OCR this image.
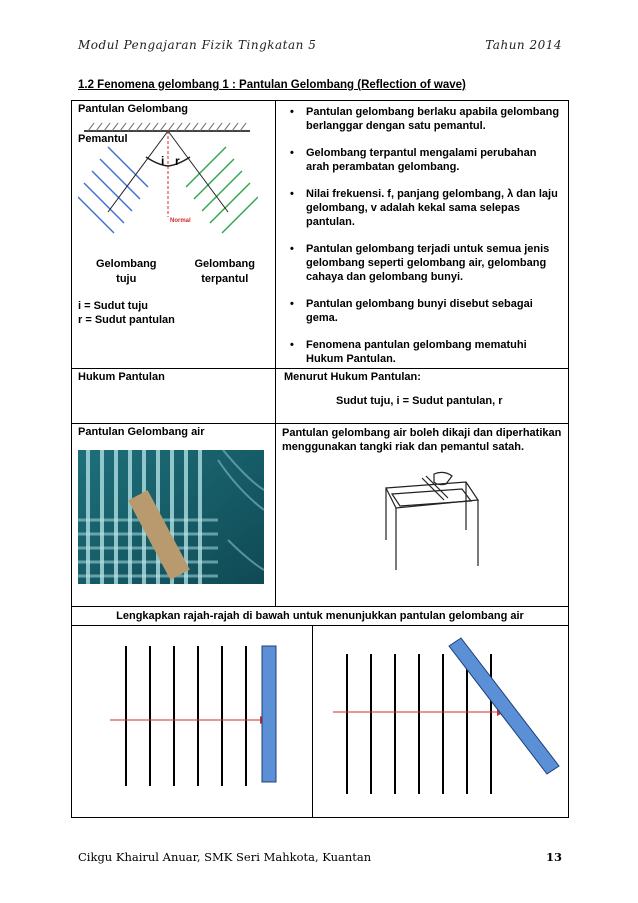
Modul Pengajaran Fizik Tingkatan 5	Tahun 2014
1.2 Fenomena gelombang 1 : Pantulan Gelombang (Reflection of wave)
Pantulan Gelombang
Pemantul
i r
Normal
Gelombang
tuju
Gelombang
terpantul
i = Sudut tuju
r = Sudut pantulan

• Pantulan gelombang berlaku apabila gelombang berlanggar dengan satu pemantul.
• Gelombang terpantul mengalami perubahan arah perambatan gelombang.
• Nilai frekuensi. f, panjang gelombang, λ dan laju gelombang, v adalah kekal sama selepas pantulan.
• Pantulan gelombang terjadi untuk semua jenis gelombang seperti gelombang air, gelombang cahaya dan gelombang bunyi.
• Pantulan gelombang bunyi disebut sebagai gema.
• Fenomena pantulan gelombang mematuhi Hukum Pantulan.

Hukum Pantulan	Menurut Hukum Pantulan:
Sudut tuju, i = Sudut pantulan, r

Pantulan Gelombang air	Pantulan gelombang air boleh dikaji dan diperhatikan menggunakan tangki riak dan pemantul satah.

Lengkapkan rajah-rajah di bawah untuk menunjukkan pantulan gelombang air

Cikgu Khairul Anuar, SMK Seri Mahkota, Kuantan	13
